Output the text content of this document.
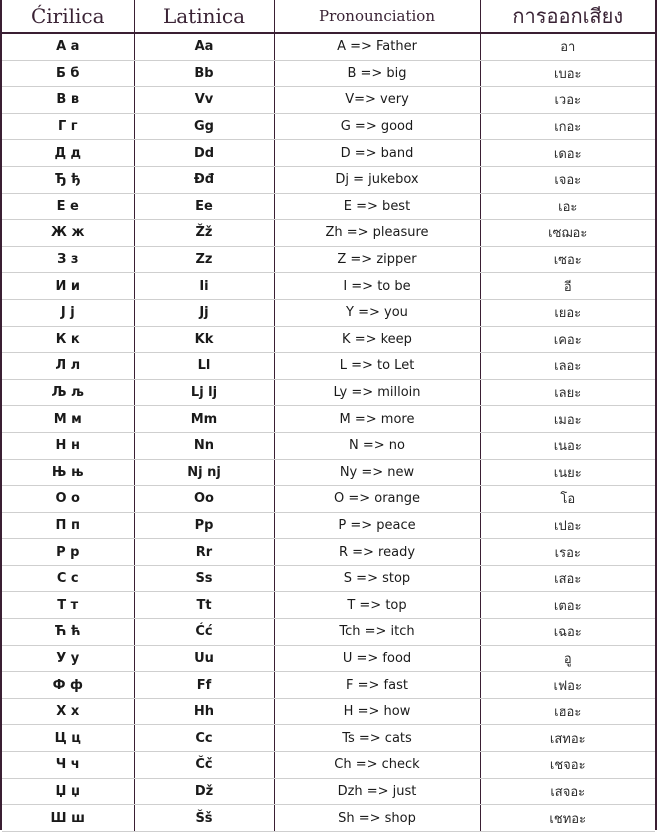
Ćirilica	Latinica	Pronounciation	การออกเสียง
А а	Aa	A => Father	อา
Б б	Bb	B => big	เบอะ
В в	Vv	V=> very	เวอะ
Г г	Gg	G => good	เกอะ
Д д	Dd	D => band	เดอะ
Ђ ђ	Đđ	Dj = jukebox	เจอะ
Е е	Ee	E => best	เอะ
Ж ж	Žž	Zh => pleasure	เซฌอะ
З з	Zz	Z => zipper	เซอะ
И и	Ii	I => to be	อี
Ј ј	Jj	Y => you	เยอะ
К к	Kk	K => keep	เคอะ
Л л	Ll	L => to Let	เลอะ
Љ љ	Lj lj	Ly => milloin	เลยะ
М м	Mm	M => more	เมอะ
Н н	Nn	N => no	เนอะ
Њ њ	Nj nj	Ny => new	เนยะ
О о	Oo	O => orange	โอ
П п	Pp	P => peace	เปอะ
Р р	Rr	R => ready	เรอะ
С с	Ss	S => stop	เสอะ
Т т	Tt	T => top	เตอะ
Ћ ћ	Ćć	Tch => itch	เฉอะ
У у	Uu	U => food	อู
Ф ф	Ff	F => fast	เฟอะ
Х х	Hh	H => how	เฮอะ
Ц ц	Cc	Ts => cats	เสทอะ
Ч ч	Čč	Ch => check	เชจอะ
Џ џ	Dž	Dzh => just	เสจอะ
Ш ш	Šš	Sh => shop	เชทอะ
